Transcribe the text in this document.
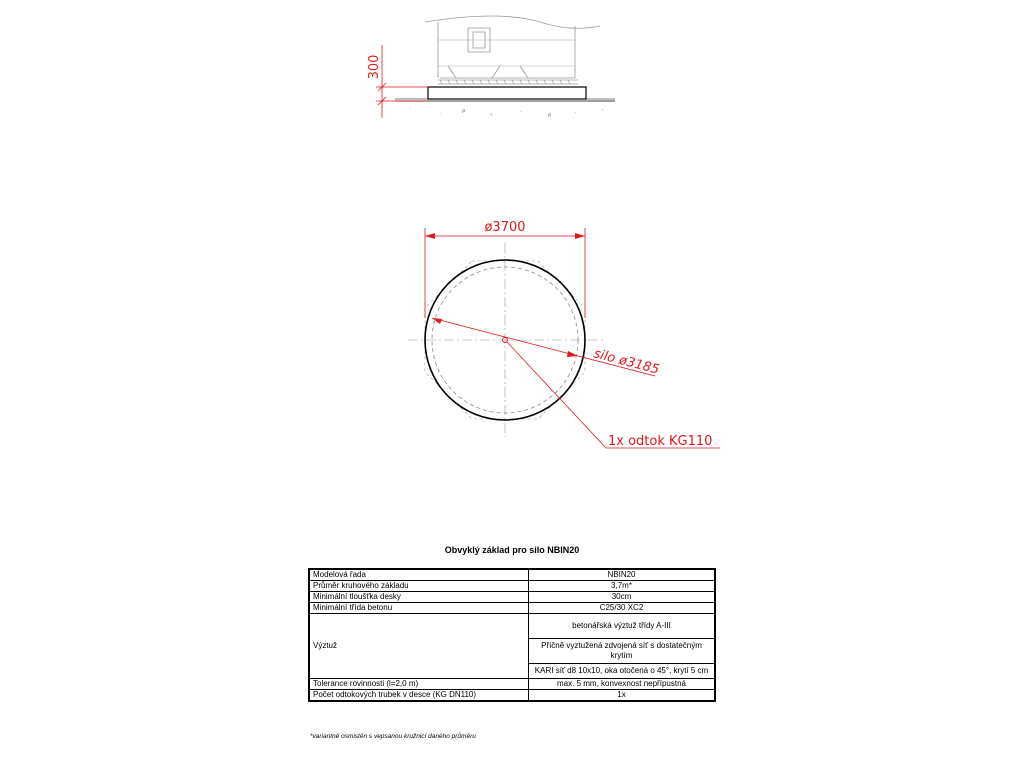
.	ρ
∘
.
ρ	.	,
.
300
ø3700
silo ø3185
1x odtok KG110
Obvyklý základ pro silo NBIN20
Modelová řada	NBIN20
Průměr kruhového základu	3,7m*
Minimální tloušťka desky	30cm
Minimální třída betonu	C25/30 XC2
Výztuž	betonářská výztuž třídy A-III
	Příčně vyztužená zdvojená síť s dostatečným krytím
	KARI síť d8 10x10, oka otočená o 45°, krytí 5 cm
Tolerance rovinnosti (l=2,0 m)	max. 5 mm, konvexnost nepřípustná
Počet odtokových trubek v desce (KG DN110)	1x
*variantně osmistěn s vepsanou kružnicí daného průměru
